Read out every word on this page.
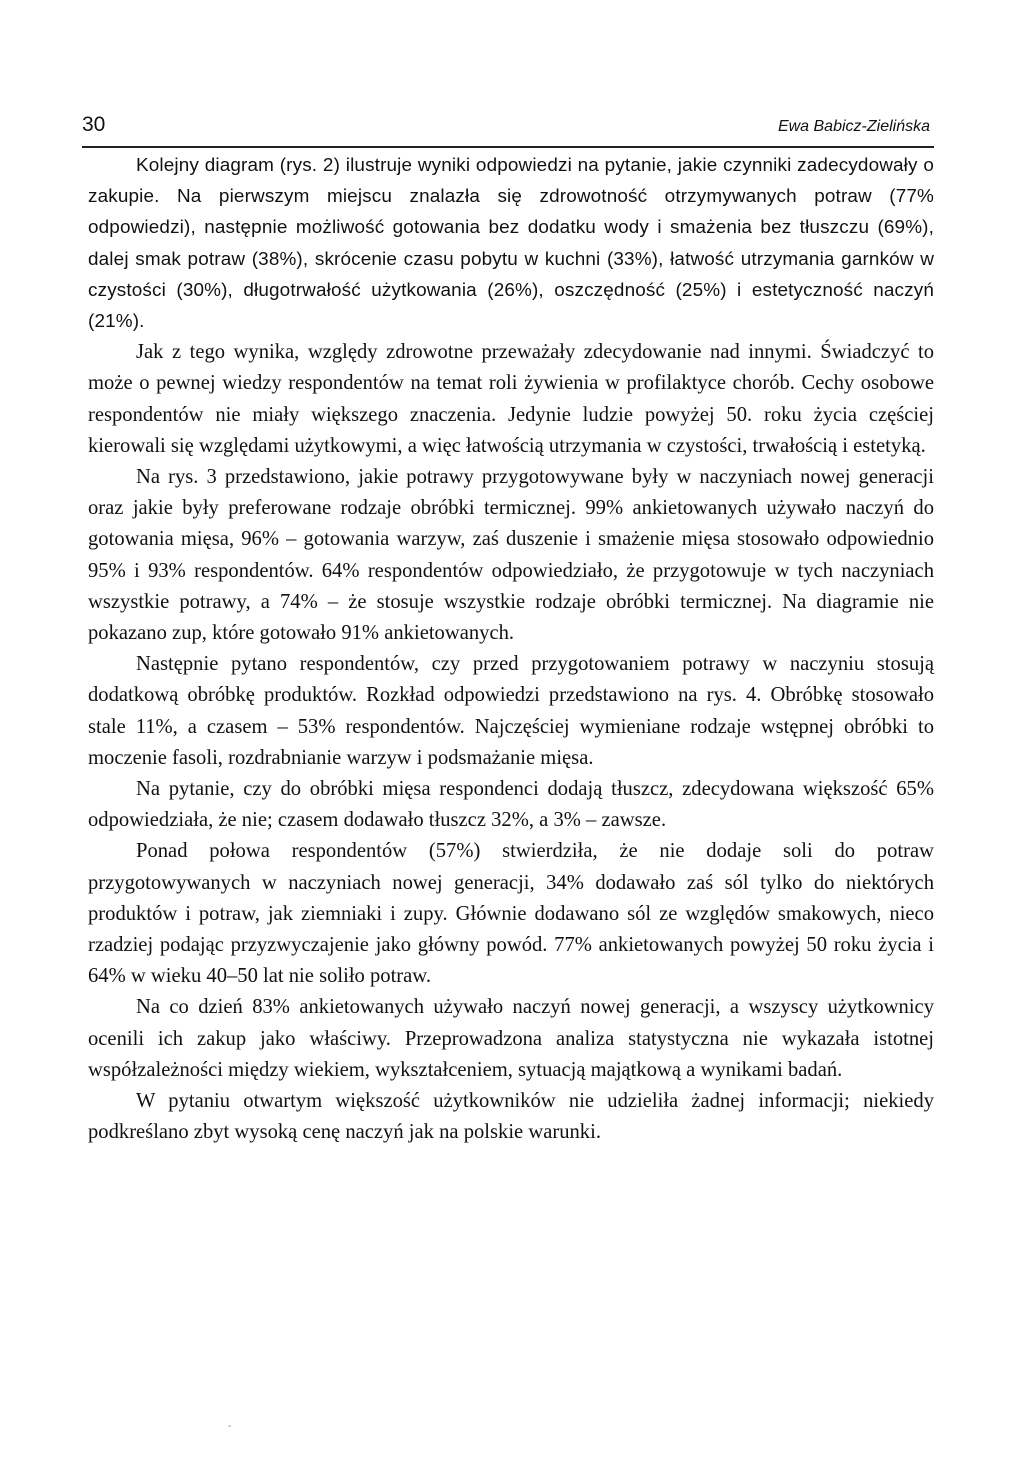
30	Ewa Babicz-Zielińska

Kolejny diagram (rys. 2) ilustruje wyniki odpowiedzi na pytanie, jakie czynniki zadecydowały o zakupie. Na pierwszym miejscu znalazła się zdrowotność otrzymywanych potraw (77% odpowiedzi), następnie możliwość gotowania bez dodatku wody i smażenia bez tłuszczu (69%), dalej smak potraw (38%), skrócenie czasu pobytu w kuchni (33%), łatwość utrzymania garnków w czystości (30%), długotrwałość użytkowania (26%), oszczędność (25%) i estetyczność naczyń (21%).

Jak z tego wynika, względy zdrowotne przeważały zdecydowanie nad innymi. Świadczyć to może o pewnej wiedzy respondentów na temat roli żywienia w profilaktyce chorób. Cechy osobowe respondentów nie miały większego znaczenia. Jedynie ludzie powyżej 50. roku życia częściej kierowali się względami użytkowymi, a więc łatwością utrzymania w czystości, trwałością i estetyką.

Na rys. 3 przedstawiono, jakie potrawy przygotowywane były w naczyniach nowej generacji oraz jakie były preferowane rodzaje obróbki termicznej. 99% ankietowanych używało naczyń do gotowania mięsa, 96% – gotowania warzyw, zaś duszenie i smażenie mięsa stosowało odpowiednio 95% i 93% respondentów. 64% respondentów odpowiedziało, że przygotowuje w tych naczyniach wszystkie potrawy, a 74% – że stosuje wszystkie rodzaje obróbki termicznej. Na diagramie nie pokazano zup, które gotowało 91% ankietowanych.

Następnie pytano respondentów, czy przed przygotowaniem potrawy w naczyniu stosują dodatkową obróbkę produktów. Rozkład odpowiedzi przedstawiono na rys. 4. Obróbkę stosowało stale 11%, a czasem – 53% respondentów. Najczęściej wymieniane rodzaje wstępnej obróbki to moczenie fasoli, rozdrabnianie warzyw i podsmażanie mięsa.

Na pytanie, czy do obróbki mięsa respondenci dodają tłuszcz, zdecydowana większość 65% odpowiedziała, że nie; czasem dodawało tłuszcz 32%, a 3% – zawsze.

Ponad połowa respondentów (57%) stwierdziła, że nie dodaje soli do potraw przygotowywanych w naczyniach nowej generacji, 34% dodawało zaś sól tylko do niektórych produktów i potraw, jak ziemniaki i zupy. Głównie dodawano sól ze względów smakowych, nieco rzadziej podając przyzwyczajenie jako główny powód. 77% ankietowanych powyżej 50 roku życia i 64% w wieku 40–50 lat nie soliło potraw.

Na co dzień 83% ankietowanych używało naczyń nowej generacji, a wszyscy użytkownicy ocenili ich zakup jako właściwy. Przeprowadzona analiza statystyczna nie wykazała istotnej współzależności między wiekiem, wykształceniem, sytuacją majątkową a wynikami badań.

W pytaniu otwartym większość użytkowników nie udzieliła żadnej informacji; niekiedy podkreślano zbyt wysoką cenę naczyń jak na polskie warunki.

-
